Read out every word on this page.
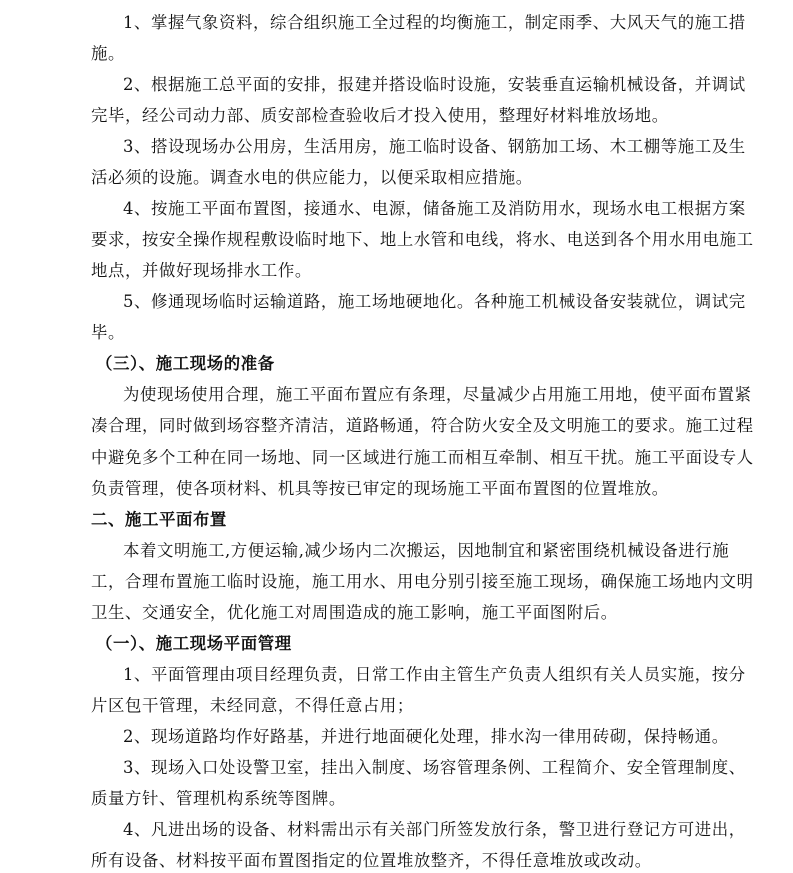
1、掌握气象资料，综合组织施工全过程的均衡施工，制定雨季、大风天气的施工措
施。
2、根据施工总平面的安排，报建并搭设临时设施，安装垂直运输机械设备，并调试
完毕，经公司动力部、质安部检查验收后才投入使用，整理好材料堆放场地。
3、搭设现场办公用房，生活用房，施工临时设备、钢筋加工场、木工棚等施工及生
活必须的设施。调查水电的供应能力，以便采取相应措施。
4、按施工平面布置图，接通水、电源，储备施工及消防用水，现场水电工根据方案
要求，按安全操作规程敷设临时地下、地上水管和电线，将水、电送到各个用水用电施工
地点，并做好现场排水工作。
5、修通现场临时运输道路，施工场地硬地化。各种施工机械设备安装就位，调试完
毕。
（三）、施工现场的准备
为使现场使用合理，施工平面布置应有条理，尽量减少占用施工用地，使平面布置紧
凑合理，同时做到场容整齐清洁，道路畅通，符合防火安全及文明施工的要求。施工过程
中避免多个工种在同一场地、同一区域进行施工而相互牵制、相互干扰。施工平面设专人
负责管理，使各项材料、机具等按已审定的现场施工平面布置图的位置堆放。
二、施工平面布置
本着文明施工,方便运输,减少场内二次搬运，因地制宜和紧密围绕机械设备进行施
工，合理布置施工临时设施，施工用水、用电分别引接至施工现场，确保施工场地内文明
卫生、交通安全，优化施工对周围造成的施工影响，施工平面图附后。
（一）、施工现场平面管理
1、平面管理由项目经理负责，日常工作由主管生产负责人组织有关人员实施，按分
片区包干管理，未经同意，不得任意占用；
2、现场道路均作好路基，并进行地面硬化处理，排水沟一律用砖砌，保持畅通。
3、现场入口处设警卫室，挂出入制度、场容管理条例、工程简介、安全管理制度、
质量方针、管理机构系统等图牌。
4、凡进出场的设备、材料需出示有关部门所签发放行条，警卫进行登记方可进出，
所有设备、材料按平面布置图指定的位置堆放整齐，不得任意堆放或改动。
